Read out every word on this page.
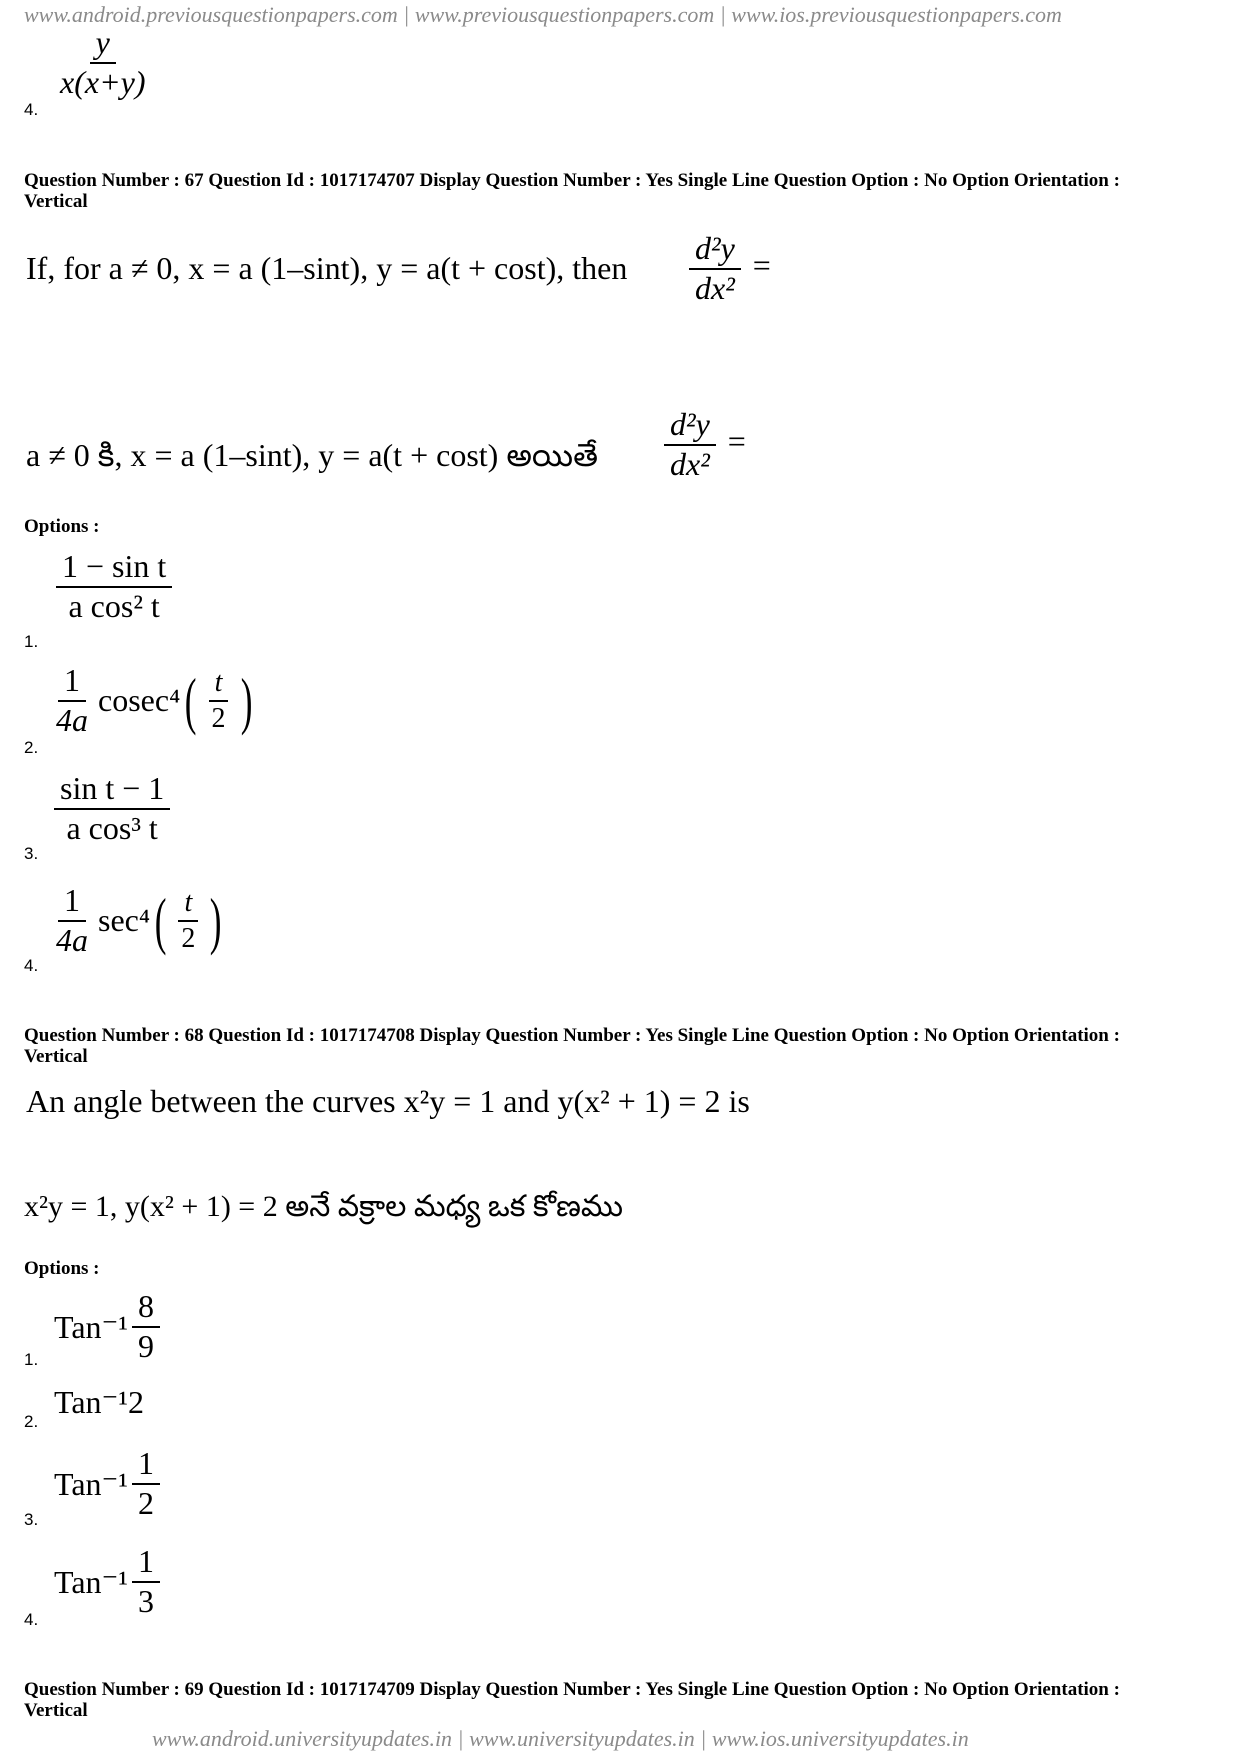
www.android.previousquestionpapers.com | www.previousquestionpapers.com | www.ios.previousquestionpapers.com
$\frac{y}{x(x+y)}$
4.
Question Number : 67 Question Id : 1017174707 Display Question Number : Yes Single Line Question Option : No Option Orientation : Vertical
If, for a ≠ 0, x = a (1–sint), y = a(t + cost), then $\frac{\text{d²y}}{\text{dx²}}$ =
a ≠ 0 కి, x = a (1–sint), y = a(t + cost) అయితే $\frac{\text{d²y}}{\text{dx²}}$ =
Options :
$\frac{\text{1 − sin t}}{\text{a cos² t}}$
1.
$\frac{1}{4a} cosec^4$ ( $\frac{t}{2}$ )
2.
$\frac{\text{sin t − 1}}{\text{a cos³ t}}$
3.
$\frac{1}{4a} \sec^4$ ( $\frac{t}{2}$ )
4.
Question Number : 68 Question Id : 1017174708 Display Question Number : Yes Single Line Question Option : No Option Orientation : Vertical
An angle between the curves x²y = 1 and y(x² + 1) = 2 is
x²y = 1, y(x² + 1) = 2 అనే వక్రాల మధ్య ఒక కోణము
Options :
$Tan^{-1} \frac{8}{9}$
1.
Tan⁻¹2
2.
$Tan^{-1} \frac{1}{2}$
3.
$Tan^{-1} \frac{1}{3}$
4.
Question Number : 69 Question Id : 1017174709 Display Question Number : Yes Single Line Question Option : No Option Orientation : Vertical
www.android.universityupdates.in | www.universityupdates.in | www.ios.universityupdates.in
